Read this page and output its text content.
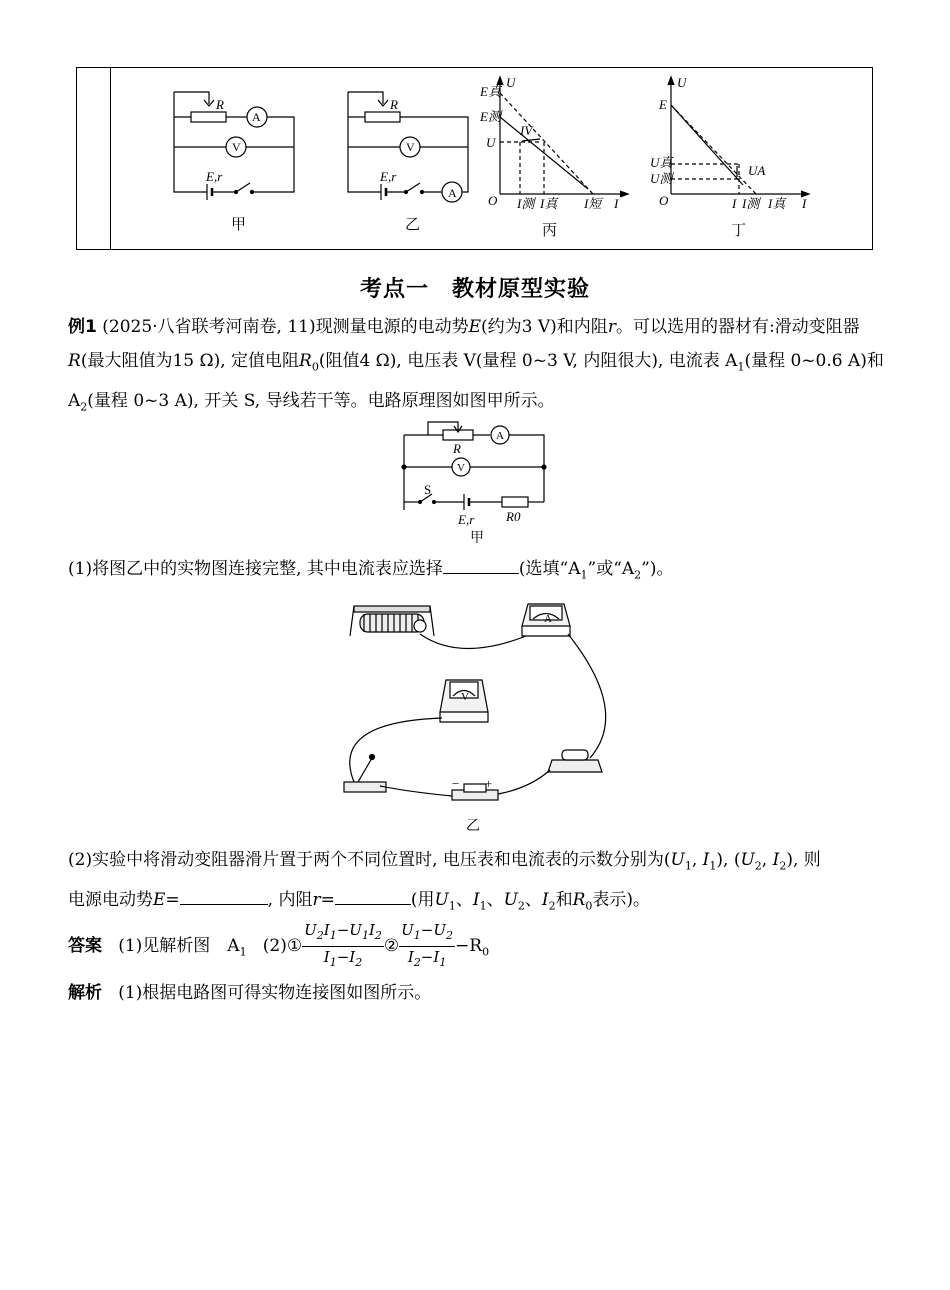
R
A
V
E,r
R
V
E,r
A
U
E真
E测
U
IV
O I测 I真 I短 I
U
E
U真
U测
UA
O	I I测 I真 I
甲	乙	丙	丁
考点一　教材原型实验
例1 (2025·八省联考河南卷, 11)现测量电源的电动势E(约为3 V)和内阻r。可以选用的器材有:滑动变阻器R(最大阻值为15 Ω), 定值电阻$R_0$(阻值4 Ω), 电压表 V(量程 0~3 V, 内阻很大), 电流表 $A_1$(量程 0~0.6 A)和 $A_2$(量程 0~3 A), 开关 S, 导线若干等。电路原理图如图甲所示。
R
A
V
S
E,r R0
甲
(1)将图乙中的实物图连接完整, 其中电流表应选择	(选填“$A_1$”或“$A_2$”)。
A
V
− +
乙
(2)实验中将滑动变阻器滑片置于两个不同位置时, 电压表和电流表的示数分别为($U_1$, $I_1$), ($U_2$, $I_2$), 则
电源电动势E=	, 内阻r=	(用$U_1$、$I_1$、$U_2$、$I_2$和$R_0$表示)。
答案 (1)见解析图　$A_1$ (2)① $\frac{U_2I_1-U_1I_2}{I_1-I_2}$ ② $\frac{U_1-U_2}{I_2-I_1} -R_0$
解析 (1)根据电路图可得实物连接图如图所示。
